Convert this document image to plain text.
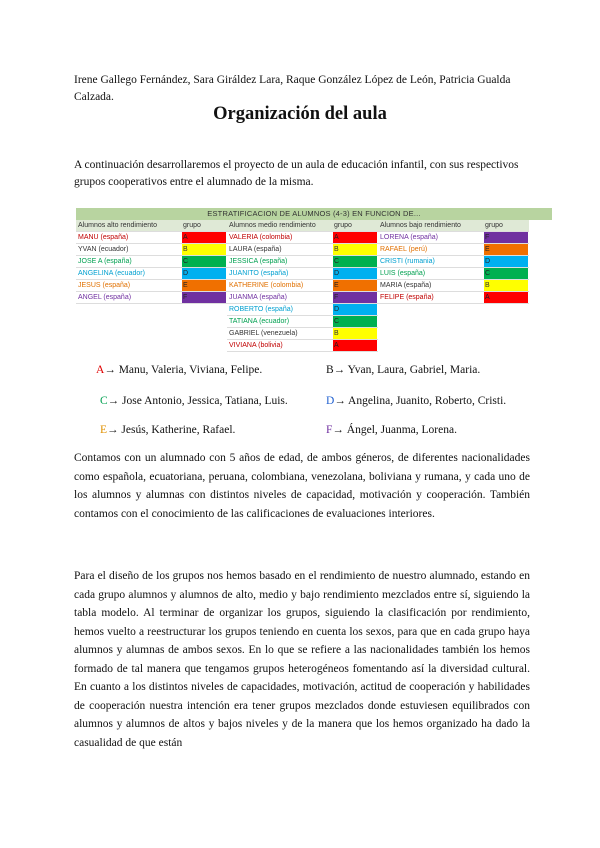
Irene Gallego Fernández, Sara Giráldez Lara, Raque González López de León, Patricia Gualda Calzada.
Organización del aula
A continuación desarrollaremos el proyecto de un aula de educación infantil, con sus respectivos grupos cooperativos entre el alumnado de la misma.
ESTRATIFICACION DE ALUMNOS (4-3) EN FUNCION DE...
Alumnos alto rendimiento	grupo
MANU (españa)	A
YVAN (ecuador)	B
JOSE A (españa)	C
ANGELINA (ecuador)	D
JESUS (españa)	E
ANGEL (españa)	F
Alumnos medio rendimiento	grupo
VALERIA (colombia)	A
LAURA (españa)	B
JESSICA (españa)	C
JUANITO (españa)	D
KATHERINE (colombia)	E
JUANMA (españa)	F
ROBERTO (españa)	D
TATIANA (ecuador)	C
GABRIEL (venezuela)	B
VIVIANA (bolivia)	A
Alumnos bajo rendimiento	grupo
LORENA (españa)	F
RAFAEL (perú)	E
CRISTI (rumania)	D
LUIS (españa)	C
MARIA (españa)	B
FELIPE (españa)	A
A→ Manu, Valeria, Viviana, Felipe.	B→ Yvan, Laura, Gabriel, Maria.
C→ Jose Antonio, Jessica, Tatiana, Luis.	D→ Angelina, Juanito, Roberto, Cristi.
E→ Jesús, Katherine, Rafael.	F→ Ángel, Juanma, Lorena.
Contamos con un alumnado con 5 años de edad, de ambos géneros, de diferentes nacionalidades como española, ecuatoriana, peruana, colombiana, venezolana, boliviana y rumana, y cada uno de los alumnos y alumnas con distintos niveles de capacidad, motivación y cooperación. También contamos con el conocimiento de las calificaciones de evaluaciones interiores.
Para el diseño de los grupos nos hemos basado en el rendimiento de nuestro alumnado, estando en cada grupo alumnos y alumnos de alto, medio y bajo rendimiento mezclados entre sí, siguiendo la tabla modelo. Al terminar de organizar los grupos, siguiendo la clasificación por rendimiento, hemos vuelto a reestructurar los grupos teniendo en cuenta los sexos, para que en cada grupo haya alumnos y alumnas de ambos sexos. En lo que se refiere a las nacionalidades también los hemos formado de tal manera que tengamos grupos heterogéneos fomentando así la diversidad cultural. En cuanto a los distintos niveles de capacidades, motivación, actitud de cooperación y habilidades de cooperación nuestra intención era tener grupos mezclados donde estuviesen equilibrados con alumnos y alumnos de altos y bajos niveles y de la manera que los hemos organizado ha dado la casualidad de que están
